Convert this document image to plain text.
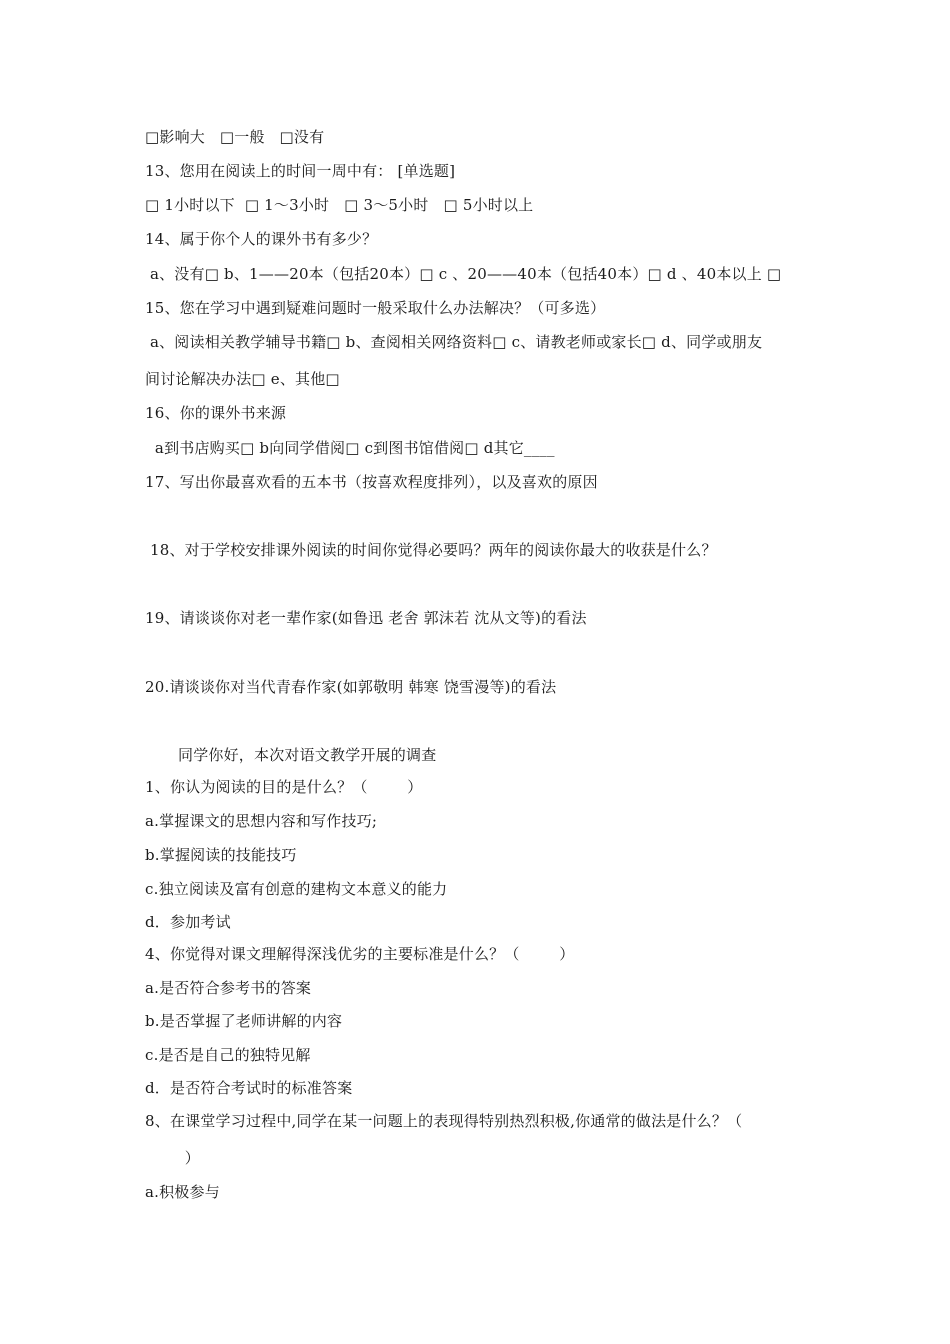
□影响大   □一般   □没有
13、您用在阅读上的时间一周中有： [单选题]
□ 1小时以下  □ 1～3小时   □ 3～5小时   □ 5小时以上
14、属于你个人的课外书有多少？
a、没有□ b、1——20本（包括20本）□ c 、20——40本（包括40本）□ d 、40本以上 □
15、您在学习中遇到疑难问题时一般采取什么办法解决？（可多选）
a、阅读相关教学辅导书籍□ b、查阅相关网络资料□ c、请教老师或家长□ d、同学或朋友
间讨论解决办法□ e、其他□
16、你的课外书来源
a到书店购买□ b向同学借阅□ c到图书馆借阅□ d其它____
17、写出你最喜欢看的五本书（按喜欢程度排列），以及喜欢的原因
18、对于学校安排课外阅读的时间你觉得必要吗？两年的阅读你最大的收获是什么？
19、请谈谈你对老一辈作家(如鲁迅 老舍 郭沫若 沈从文等)的看法
20.请谈谈你对当代青春作家(如郭敬明 韩寒 饶雪漫等)的看法
同学你好，本次对语文教学开展的调查
1、你认为阅读的目的是什么？（        ）
a.掌握课文的思想内容和写作技巧;
b.掌握阅读的技能技巧
c.独立阅读及富有创意的建构文本意义的能力
d．参加考试
4、你觉得对课文理解得深浅优劣的主要标准是什么？（        ）
a.是否符合参考书的答案
b.是否掌握了老师讲解的内容
c.是否是自己的独特见解
d．是否符合考试时的标准答案
8、在课堂学习过程中,同学在某一问题上的表现得特别热烈积极,你通常的做法是什么？（
）
a.积极参与
